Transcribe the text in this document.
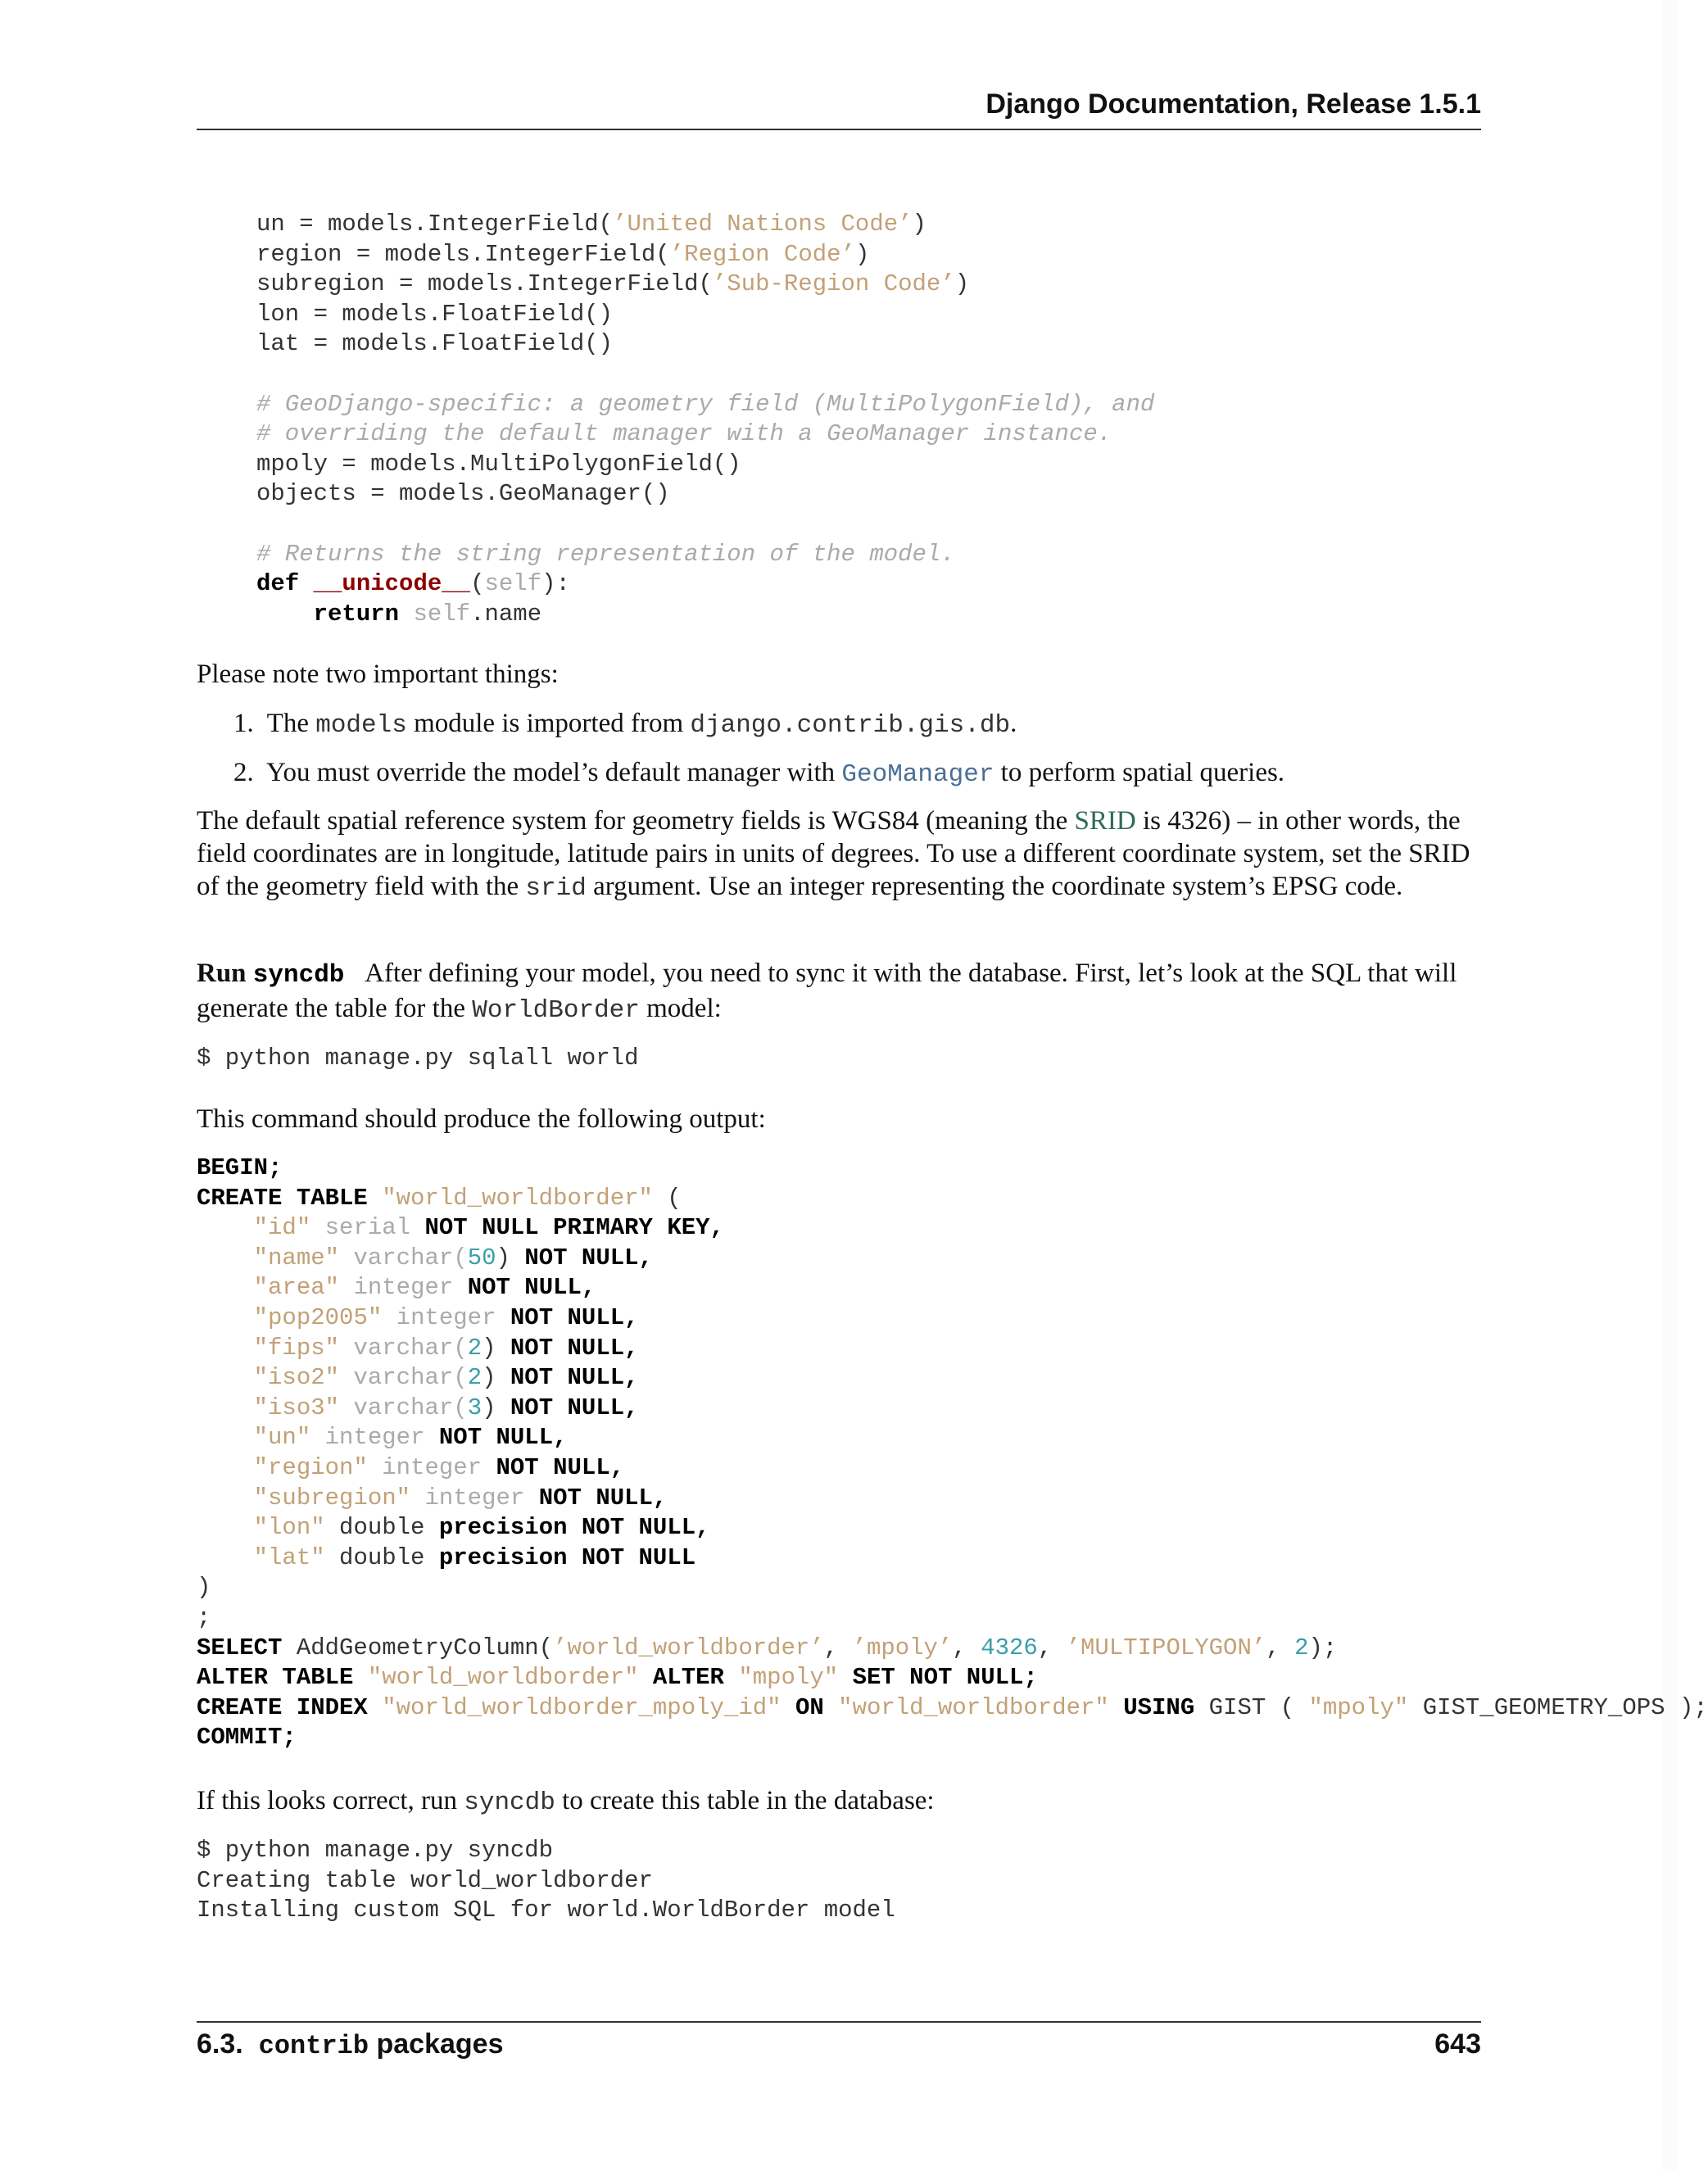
Django Documentation, Release 1.5.1
un = models.IntegerField(’United Nations Code’)
region = models.IntegerField(’Region Code’)
subregion = models.IntegerField(’Sub-Region Code’)
lon = models.FloatField()
lat = models.FloatField()

# GeoDjango-specific: a geometry field (MultiPolygonField), and
# overriding the default manager with a GeoManager instance.
mpoly = models.MultiPolygonField()
objects = models.GeoManager()

# Returns the string representation of the model.
def __unicode__(self):
return self.name
Please note two important things:
1. The models module is imported from django.contrib.gis.db.
2. You must override the model’s default manager with GeoManager to perform spatial queries.
The default spatial reference system for geometry fields is WGS84 (meaning the SRID is 4326) – in other words, the
field coordinates are in longitude, latitude pairs in units of degrees. To use a different coordinate system, set the SRID
of the geometry field with the srid argument. Use an integer representing the coordinate system’s EPSG code.
Run syncdb After defining your model, you need to sync it with the database. First, let’s look at the SQL that will
generate the table for the WorldBorder model:
$ python manage.py sqlall world
This command should produce the following output:
BEGIN;
CREATE TABLE "world_worldborder" (
"id" serial NOT NULL PRIMARY KEY,
"name" varchar(50) NOT NULL,
"area" integer NOT NULL,
"pop2005" integer NOT NULL,
"fips" varchar(2) NOT NULL,
"iso2" varchar(2) NOT NULL,
"iso3" varchar(3) NOT NULL,
"un" integer NOT NULL,
"region" integer NOT NULL,
"subregion" integer NOT NULL,
"lon" double precision NOT NULL,
"lat" double precision NOT NULL
)
;
SELECT AddGeometryColumn(’world_worldborder’, ’mpoly’, 4326, ’MULTIPOLYGON’, 2);
ALTER TABLE "world_worldborder" ALTER "mpoly" SET NOT NULL;
CREATE INDEX "world_worldborder_mpoly_id" ON "world_worldborder" USING GIST ( "mpoly" GIST_GEOMETRY_OPS );
COMMIT;
If this looks correct, run syncdb to create this table in the database:
$ python manage.py syncdb
Creating table world_worldborder
Installing custom SQL for world.WorldBorder model
6.3. contrib packages	643
